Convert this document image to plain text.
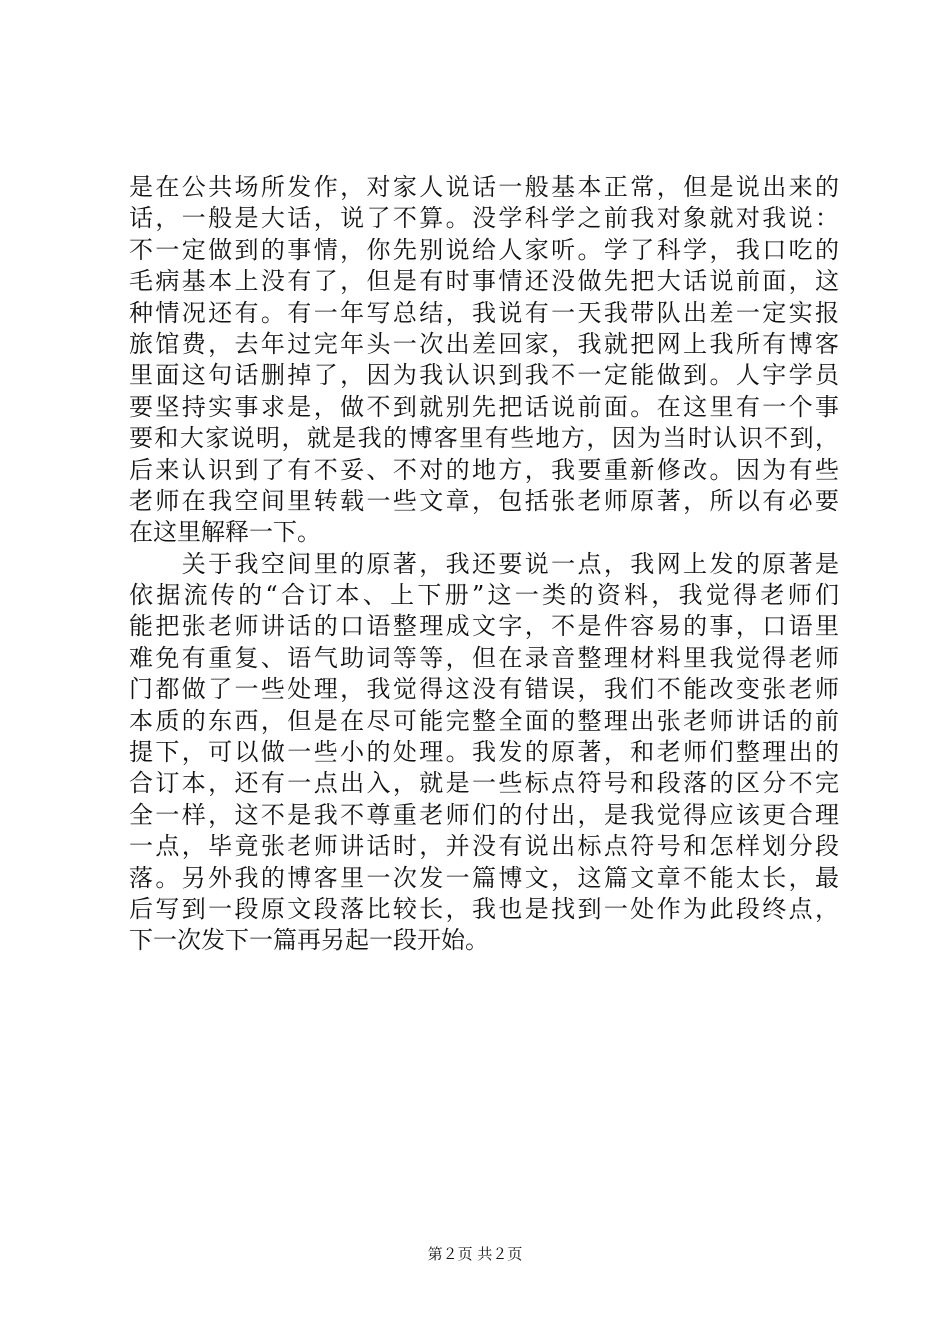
是在公共场所发作，对家人说话一般基本正常，但是说出来的
话，一般是大话，说了不算。没学科学之前我对象就对我说：
不一定做到的事情，你先别说给人家听。学了科学，我口吃的
毛病基本上没有了，但是有时事情还没做先把大话说前面，这
种情况还有。有一年写总结，我说有一天我带队出差一定实报
旅馆费，去年过完年头一次出差回家，我就把网上我所有博客
里面这句话删掉了，因为我认识到我不一定能做到。人宇学员
要坚持实事求是，做不到就别先把话说前面。在这里有一个事
要和大家说明，就是我的博客里有些地方，因为当时认识不到，
后来认识到了有不妥、不对的地方，我要重新修改。因为有些
老师在我空间里转载一些文章，包括张老师原著，所以有必要
在这里解释一下。
　　关于我空间里的原著，我还要说一点，我网上发的原著是
依据流传的“合订本、上下册”这一类的资料，我觉得老师们
能把张老师讲话的口语整理成文字，不是件容易的事，口语里
难免有重复、语气助词等等，但在录音整理材料里我觉得老师
门都做了一些处理，我觉得这没有错误，我们不能改变张老师
本质的东西，但是在尽可能完整全面的整理出张老师讲话的前
提下，可以做一些小的处理。我发的原著，和老师们整理出的
合订本，还有一点出入，就是一些标点符号和段落的区分不完
全一样，这不是我不尊重老师们的付出，是我觉得应该更合理
一点，毕竟张老师讲话时，并没有说出标点符号和怎样划分段
落。另外我的博客里一次发一篇博文，这篇文章不能太长，最
后写到一段原文段落比较长，我也是找到一处作为此段终点，
下一次发下一篇再另起一段开始。
第２页 共２页
